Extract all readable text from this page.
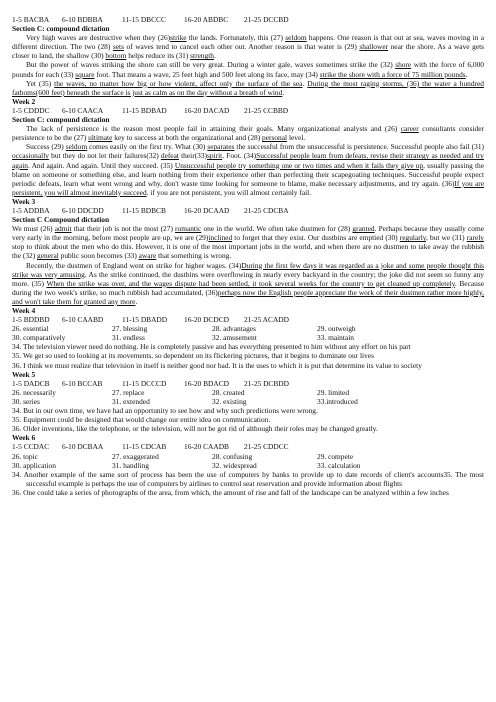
1-5 BACBA	6-10 BDBBA	11-15 DBCCC	16-20 ABDBC	21-25 DCCBD
Section C: compound dictation
Very high waves are destructive when they (26)strike the lands. Fortunately, this (27) seldom happens. One reason is that out at sea, waves moving in a different direction. The two (28) sets of waves tend to cancel each other out. Another reason is that water is (29) shallower near the shore. As a wave gets closer to land, the shallow (30) bottom helps reduce its (31) strength.
But the power of waves striking the shore can still be very great. During a winter gale, waves sometimes strike the (32) shore with the force of 6,000 pounds for each (33) square foot. That means a wave, 25 feet high and 500 feet along its face, may (34) strike the shore with a force of 75 million pounds.
Yet (35) the waves, no matter how big or how violent, affect only the surface of the sea. During the most raging storms, (36) the water a hundred fathoms(600 feet) beneath the surface is just as calm as on the day without a breath of wind.
Week 2
1-5 CDDDC	6-10 CAACA	11-15 BDBAD	16-20 DACAD	21-25 CCBBD
Section C: compound dictation
The lack of persistence is the reason most people fail in attaining their goals. Many organizational analysts and (26) career consultants consider persistence to be the (27) ultimate key to success at both the organizational and (28) personal level.
Success (29) seldom comes easily on the first try. What (30) separates the successful from the unsuccessful is persistence. Successful people also fail (31) occasionally but they do not let their failures(32) defeat their(33)spirit. Foot. (34)Successful people learn from defeats, revise their strategy as needed and try again. And again. And again. Until they succeed. (35) Unsuccessful people try something one or two times and when it fails they give up, usually passing the blame on someone or something else, and learn nothing from their experience other than perfecting their scapegoating techniques. Successful people expect periodic defeats, learn what went wrong and why, don't waste time looking for someone to blame, make necessary adjustments, and try again. (36)If you are persistent, you will almost inevitably succeed. if you are not persistent, you will almost certainly fail.
Week 3
1-5 ADDBA	6-10 DDCDD	11-15 BDBCB	16-20 DCAAD	21-25 CDCBA
Section C Compound dictation
We must (26) admit that their job is not the most (27) romantic one in the world. We often take dustmen for (28) granted. Perhaps because they usually come very early in the morning, before most people are up, we are (29)inclined to forget that they exist. Our dustbins are emptied (30) regularly, but we (31) rarely stop to think about the men who do this. However, it is one of the most important jobs in the world, and when there are no dustmen to take away the rubbish the (32) general public soon becomes (33) aware that something is wrong.
Recently, the dustmen of England went on strike for higher wages. (34)During the first few days it was regarded as a joke and some people thought this strike was very amusing. As the strike continued, the dustbins were overflowing in nearly every backyard in the country; the joke did not seem so funny any more. (35) When the strike was over, and the wages dispute had been settled, it took several weeks for the country to get cleaned up completely. Because during the two week's strike, so much rubbish had accumulated, (36)perhaps now the English people appreciate the work of their dustmen rather more highly, and won't take them for granted any more.
Week 4
1-5 BDDBD	6-10 CAABD	11-15 DBADD	16-20 DCDCD	21-25 ACADD
26. essential	27. blessing	28. advantages	29. outweigh
30. comparatively	31. endless	32. amusement	33. maintain
34. The television viewer need do nothing. He is completely passive and has everything presented to him without any effort on his part
35. We get so used to looking at its movements, so dependent on its flickering pictures, that it begins to dominate our lives
36. I think we must realize that television in itself is neither good nor bad. It is the uses to which it is put that determine its value to society
Week 5
1-5 DADCB	6-10 BCCAB	11-15 DCCCD	16-20 BDACD	21-25 DCBDD
26. necessarily	27. replace	28. created	29. limited
30. series	31. extended	32. existing	33.introduced
34. But in our own time, we have had an opportunity to see how and why such predictions were wrong.
35. Equipment could be designed that would change our entire idea on communication.
36. Older inventions, like the telephone, or the television, will not be got rid of although their roles may be changed greatly.
Week 6
1-5 CCDAC	6-10 DCBAA	11-15 CDCAB	16-20 CAADB	21-25 CDDCC
26. topic	27. exaggerated	28. confusing	29. compete
30. application	31. handling	32. widespread	33. calculation
34. Another example of the same sort of process has been the use of computers by banks to provide up to date records of client's accounts35. The most successful example is perhaps the use of computers by airlines to control seat reservation and provide information about flights
36. One could take a series of photographs of the area, from which, the amount of rise and fall of the landscape can be analyzed within a few inches
